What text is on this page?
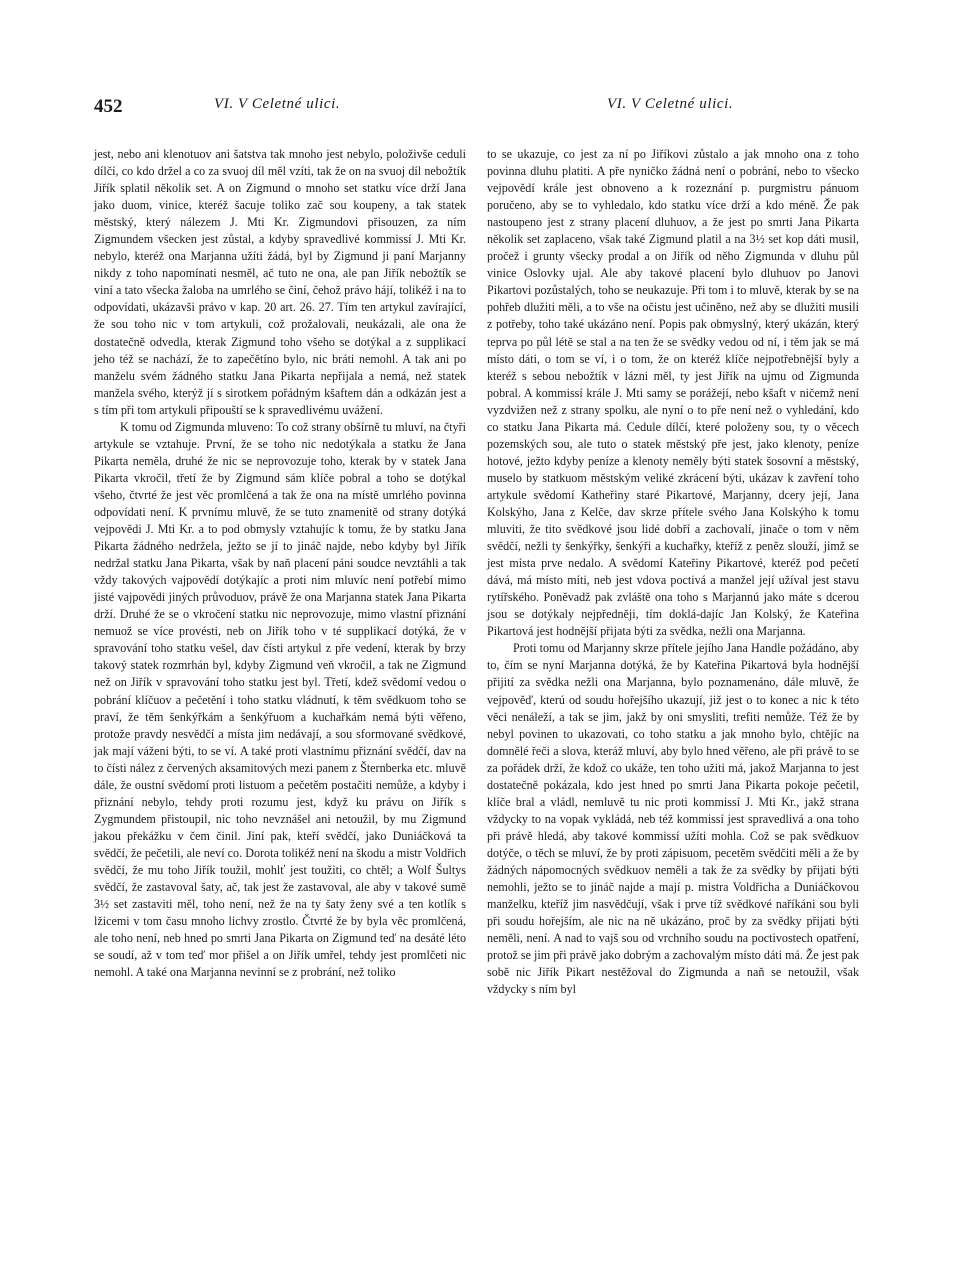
452	VI. V Celetné ulici.	VI. V Celetné ulici.

jest, nebo ani klenotuov ani šatstva tak mnoho jest nebylo, položivše ceduli dílčí, co kdo držel a co za svuoj díl měl vzíti, tak že on na svuoj díl nebožtík Jiřík splatil několik set. A on Zigmund o mnoho set statku více drží Jana jako duom, vinice, kteréž šacuje toliko zač sou koupeny, a tak statek městský, který nálezem J. Mti Kr. Zigmundovi přisouzen, za ním Zigmundem všecken jest zůstal, a kdyby spravedlivé kommissí J. Mti Kr. nebylo, kteréž ona Marjanna užíti žádá, byl by Zigmund ji paní Marjanny nikdy z toho napomínati nesměl, ač tuto ne ona, ale pan Jiřík nebožtík se viní a tato všecka žaloba na umrlého se činí, čehož právo hájí, tolikéž i na to odpovídati, ukázavši právo v kap. 20 art. 26. 27. Tím ten artykul zavírající, že sou toho nic v tom artykuli, což prožalovali, neukázali, ale ona že dostatečně odvedla, kterak Zigmund toho všeho se dotýkal a z supplikací jeho též se nachází, že to zapečětíno bylo, nic bráti nemohl. A tak ani po manželu svém žádného statku Jana Pikarta nepřijala a nemá, než statek manžela svého, kterýž jí s sirotkem pořádným kšaftem dán a odkázán jest a s tím při tom artykuli připouští se k spravedlivému uvážení.

K tomu od Zigmunda mluveno: To což strany obšírně tu mluví, na čtyři artykule se vztahuje. První, že se toho nic nedotýkala a statku že Jana Pikarta neměla, druhé že nic se neprovozuje toho, kterak by v statek Jana Pikarta vkročil, třetí že by Zigmund sám klíče pobral a toho se dotýkal všeho, čtvrté že jest věc promlčená a tak že ona na místě umrlého povinna odpovídati není. K prvnímu mluvě, že se tuto znamenitě od strany dotýká vejpovědi J. Mti Kr. a to pod obmysly vztahujíc k tomu, že by statku Jana Pikarta žádného nedržela, ježto se jí to jináč najde, nebo kdyby byl Jiřík nedržal statku Jana Pikarta, však by naň placení páni soudce nevztáhli a tak vždy takových vajpovědí dotýkajíc a proti nim mluvíc není potřebí mimo jisté vajpovědi jiných průvoduov, právě že ona Marjanna statek Jana Pikarta drží. Druhé že se o vkročení statku nic neprovozuje, mimo vlastní přiznání nemuož se více provésti, neb on Jiřík toho v té supplikací dotýká, že v spravování toho statku vešel, dav čísti artykul z pře vedení, kterak by brzy takový statek rozmrhán byl, kdyby Zigmund veň vkročil, a tak ne Zigmund než on Jiřík v spravování toho statku jest byl. Třetí, kdež svědomí vedou o pobrání klíčuov a pečetění i toho statku vládnutí, k těm svědkuom toho se praví, že těm šenkýřkám a šenkýřuom a kuchařkám nemá býti věřeno, protože pravdy nesvědčí a místa jim nedávají, a sou sformované svědkové, jak mají váženi býti, to se ví. A také proti vlastnímu přiznání svědčí, dav na to čísti nález z červených aksamitových mezi panem z Šternberka etc. mluvě dále, že oustní svědomí proti listuom a pečetěm postačiti nemůže, a kdyby i přiznání nebylo, tehdy proti rozumu jest, když ku právu on Jiřík s Zygmundem přistoupil, nic toho nevznášel ani netoužil, by mu Zigmund jakou překážku v čem činil. Jiní pak, kteří svědčí, jako Duniáčková ta svědčí, že pečetili, ale neví co. Dorota tolikéž není na škodu a mistr Voldřich svědčí, že mu toho Jiřík toužil, mohlť jest toužiti, co chtěl; a Wolf Šultys svědčí, že zastavoval šaty, ač, tak jest že zastavoval, ale aby v takové sumě 3½ set zastaviti měl, toho není, než že na ty šaty ženy své a ten kotlík s lžicemi v tom času mnoho lichvy zrostlo. Čtvrté že by byla věc promlčená, ale toho není, neb hned po smrti Jana Pikarta on Zigmund teď na desáté léto se soudí, až v tom teď mor přišel a on Jiřík umřel, tehdy jest promlčeti nic nemohl. A také ona Marjanna nevinní se z probrání, než toliko

to se ukazuje, co jest za ní po Jiříkovi zůstalo a jak mnoho ona z toho povinna dluhu platiti. A pře nyničko žádná není o pobrání, nebo to všecko vejpovědí krále jest obnoveno a k rozeznání p. purgmistru pánuom poručeno, aby se to vyhledalo, kdo statku více drží a kdo méně. Že pak nastoupeno jest z strany placení dluhuov, a že jest po smrti Jana Pikarta několik set zaplaceno, však také Zigmund platil a na 3½ set kop dáti musil, pročež i grunty všecky prodal a on Jiřík od něho Zigmunda v dluhu půl vinice Oslovky ujal. Ale aby takové placení bylo dluhuov po Janovi Pikartovi pozůstalých, toho se neukazuje. Při tom i to mluvě, kterak by se na pohřeb dlužiti měli, a to vše na očistu jest učiněno, než aby se dlužiti musili z potřeby, toho také ukázáno není. Popis pak obmyslný, který ukázán, který teprva po půl létě se stal a na ten že se svědky vedou od ní, i těm jak se má místo dáti, o tom se ví, i o tom, že on kteréž klíče nejpotřebnější byly a kteréž s sebou nebožtík v lázni měl, ty jest Jiřík na ujmu od Zigmunda pobral. A kommissí krále J. Mti samy se porážejí, nebo kšaft v ničemž není vyzdvižen než z strany spolku, ale nyní o to pře není než o vyhledání, kdo co statku Jana Pikarta má. Cedule dílčí, které položeny sou, ty o věcech pozemských sou, ale tuto o statek městský pře jest, jako klenoty, peníze hotové, ježto kdyby peníze a klenoty neměly býti statek šosovní a městský, muselo by statkuom městským veliké zkrácení býti, ukázav k zavření toho artykule svědomí Katheřiny staré Pikartové, Marjanny, dcery její, Jana Kolskýho, Jana z Kelče, dav skrze přítele svého Jana Kolskýho k tomu mluviti, že tito svědkové jsou lidé dobří a zachovalí, jinače o tom v něm svědčí, nežli ty šenkýřky, šenkýři a kuchařky, kteříž z peněz slouží, jimž se jest místa prve nedalo. A svědomí Kateřiny Pikartové, kteréž pod pečetí dává, má místo míti, neb jest vdova poctivá a manžel její užíval jest stavu rytířského. Poněvadž pak zvláště ona toho s Marjannú jako máte s dcerou jsou se dotýkaly nejpředněji, tím doklá-dajíc Jan Kolský, že Kateřina Pikartová jest hodnější přijata býti za svědka, nežli ona Marjanna.

Proti tomu od Marjanny skrze přítele jejího Jana Handle požádáno, aby to, čím se nyní Marjanna dotýká, že by Kateřina Pikartová byla hodnější přijití za svědka nežli ona Marjanna, bylo poznamenáno, dále mluvě, že vejpověď, kterú od soudu hořejšího ukazují, již jest o to konec a nic k této věci nenáleží, a tak se jim, jakž by oni smysliti, trefiti nemůže. Též že by nebyl povinen to ukazovati, co toho statku a jak mnoho bylo, chtějíc na domnělé řeči a slova, kteráž mluví, aby bylo hned věřeno, ale při právě to se za pořádek drží, že kdož co ukáže, ten toho užiti má, jakož Marjanna to jest dostatečně pokázala, kdo jest hned po smrti Jana Pikarta pokoje pečetil, klíče bral a vládl, nemluvě tu nic proti kommissí J. Mti Kr., jakž strana vždycky to na vopak vykládá, neb též kommissí jest spravedlivá a ona toho při právě hledá, aby takové kommissí užíti mohla. Což se pak svědkuov dotýče, o těch se mluví, že by proti zápisuom, pecetěm svědčiti měli a že by žádných nápomocných svědkuov neměli a tak že za svědky by přijati býti nemohli, ježto se to jináč najde a mají p. mistra Voldřicha a Duniáčkovou manželku, kteříž jim nasvědčují, však i prve tíž svědkové naříkáni sou byli při soudu hořejším, ale nic na ně ukázáno, proč by za svědky přijati býti neměli, není. A nad to vajš sou od vrchního soudu na poctivostech opatření, protož se jim při právě jako dobrým a zachovalým místo dáti má. Že jest pak sobě nic Jiřík Pikart nestěžoval do Zigmunda a naň se netoužil, však vždycky s ním byl
